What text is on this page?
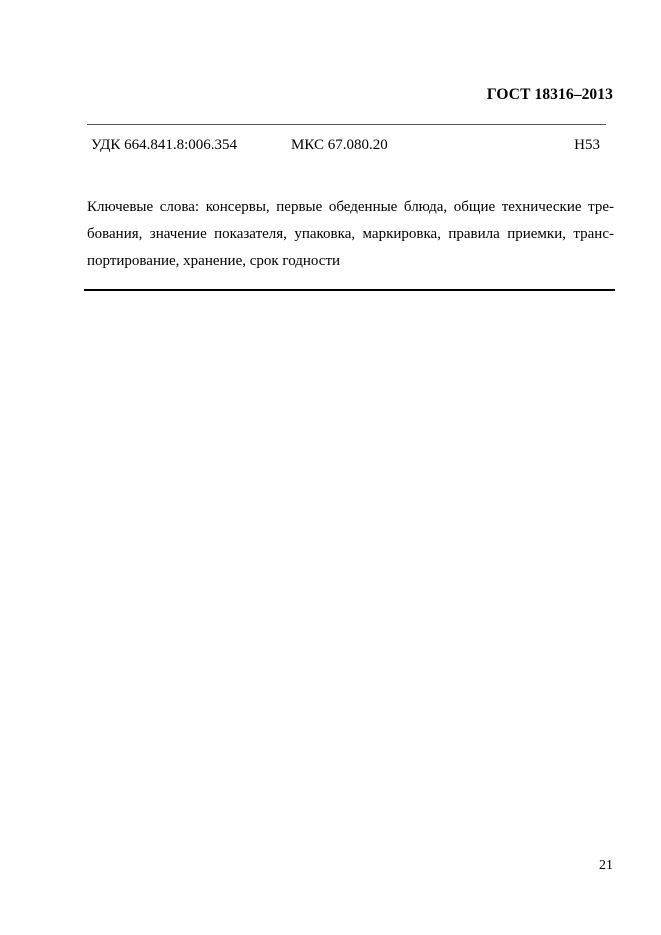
ГОСТ 18316–2013
УДК 664.841.8:006.354	МКС 67.080.20	Н53
Ключевые слова: консервы, первые обеденные блюда, общие технические тре-
бования, значение показателя, упаковка, маркировка, правила приемки, транс-
портирование, хранение, срок годности
21
